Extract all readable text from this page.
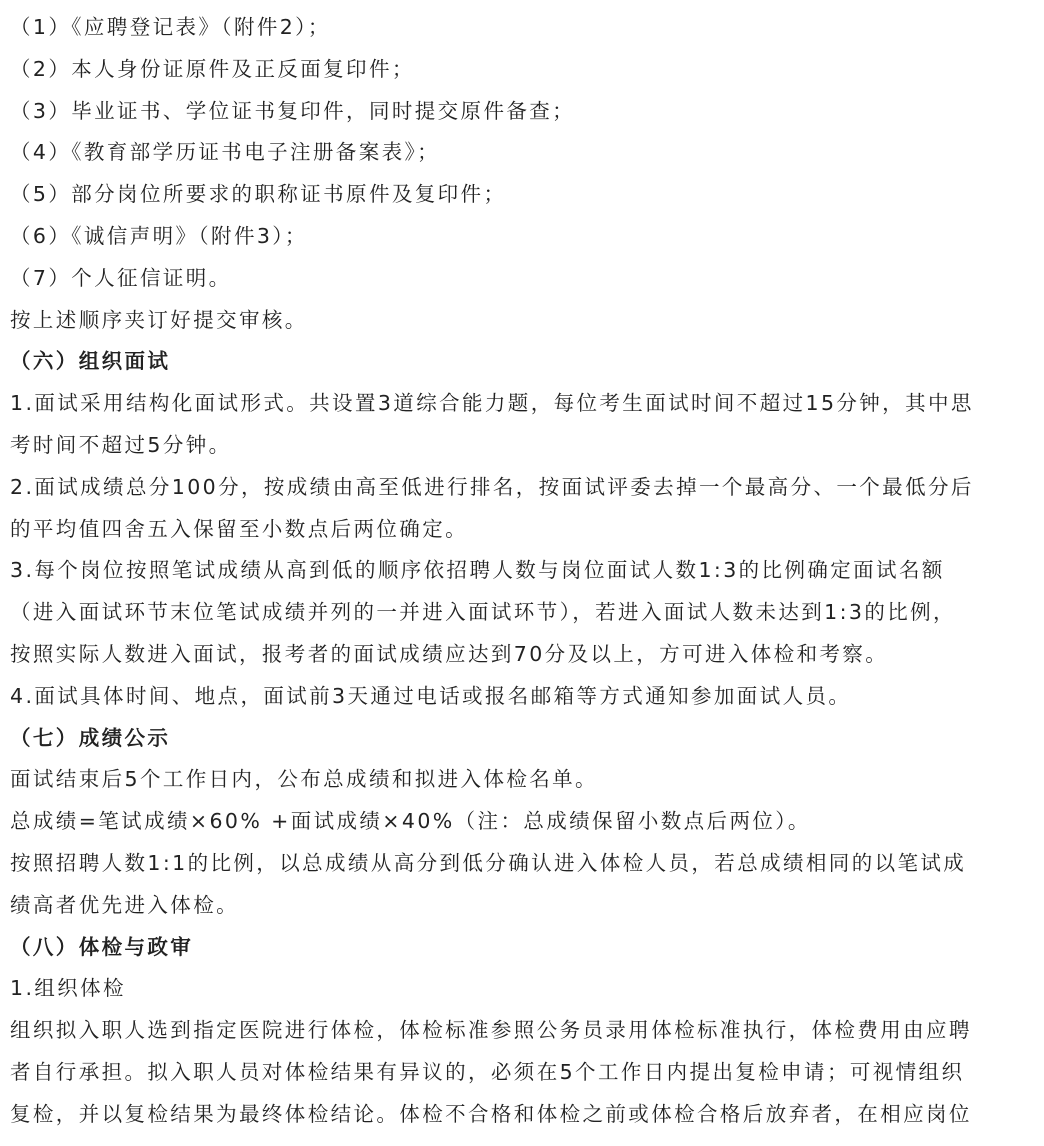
（1）《应聘登记表》（附件2）；
（2）本人身份证原件及正反面复印件；
（3）毕业证书、学位证书复印件，同时提交原件备查；
（4）《教育部学历证书电子注册备案表》；
（5）部分岗位所要求的职称证书原件及复印件；
（6）《诚信声明》（附件3）；
（7）个人征信证明。
按上述顺序夹订好提交审核。
（六）组织面试
1.面试采用结构化面试形式。共设置3道综合能力题，每位考生面试时间不超过15分钟，其中思
考时间不超过5分钟。
2.面试成绩总分100分，按成绩由高至低进行排名，按面试评委去掉一个最高分、一个最低分后
的平均值四舍五入保留至小数点后两位确定。
3.每个岗位按照笔试成绩从高到低的顺序依招聘人数与岗位面试人数1:3的比例确定面试名额
（进入面试环节末位笔试成绩并列的一并进入面试环节），若进入面试人数未达到1:3的比例，
按照实际人数进入面试，报考者的面试成绩应达到70分及以上，方可进入体检和考察。
4.面试具体时间、地点，面试前3天通过电话或报名邮箱等方式通知参加面试人员。
（七）成绩公示
面试结束后5个工作日内，公布总成绩和拟进入体检名单。
总成绩=笔试成绩×60% +面试成绩×40%（注：总成绩保留小数点后两位）。
按照招聘人数1:1的比例，以总成绩从高分到低分确认进入体检人员，若总成绩相同的以笔试成
绩高者优先进入体检。
（八）体检与政审
1.组织体检
组织拟入职人选到指定医院进行体检，体检标准参照公务员录用体检标准执行，体检费用由应聘
者自行承担。拟入职人员对体检结果有异议的，必须在5个工作日内提出复检申请；可视情组织
复检，并以复检结果为最终体检结论。体检不合格和体检之前或体检合格后放弃者，在相应岗位
